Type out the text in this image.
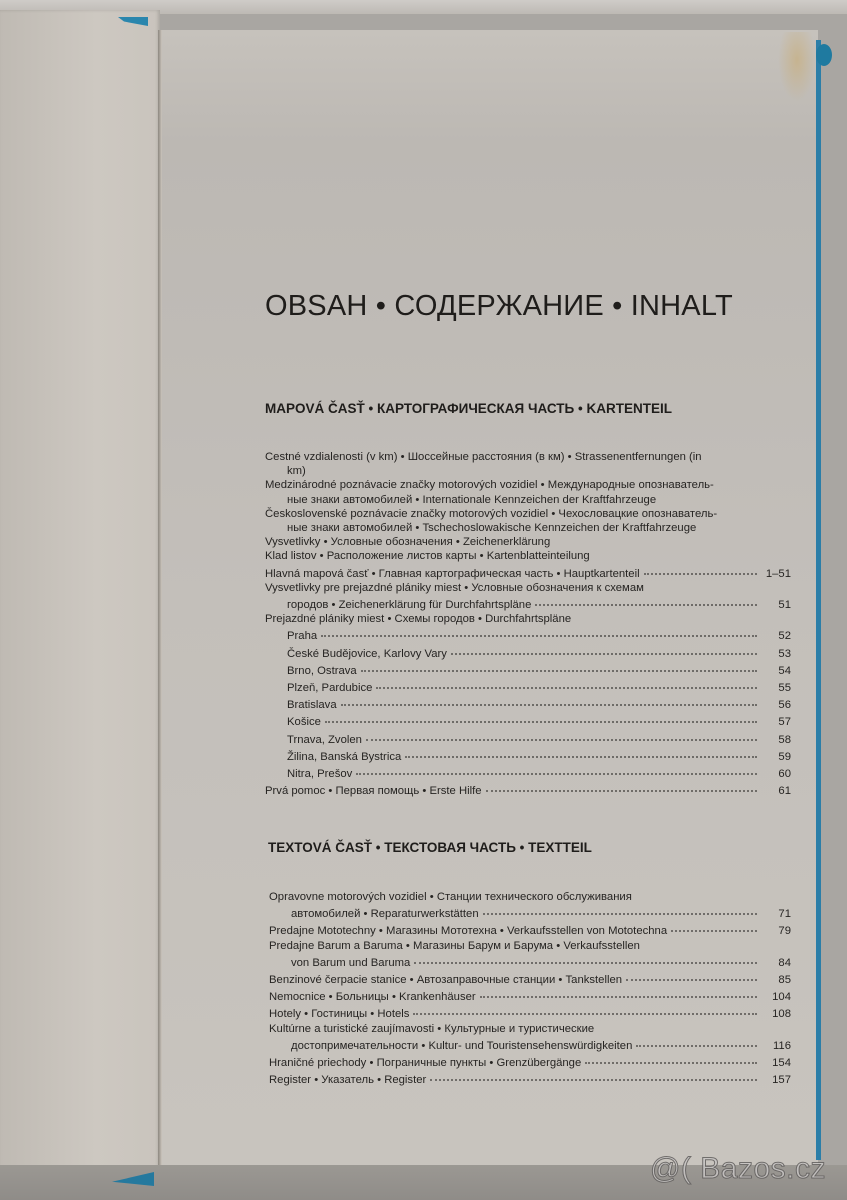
OBSAH • СОДЕРЖАНИЕ • INHALT
MAPOVÁ ČASŤ • КАРТОГРАФИЧЕСКАЯ ЧАСТЬ • KARTENTEIL
Cestné vzdialenosti (v km) • Шоссейные расстояния (в км) • Strassenentfernungen (in
km)
Medzinárodné poznávacie značky motorových vozidiel • Международные опознаватель-
ные знаки автомобилей • Internationale Kennzeichen der Kraftfahrzeuge
Československé poznávacie značky motorových vozidiel • Чехословацкие опознаватель-
ные знаки автомобилей • Tschechoslowakische Kennzeichen der Kraftfahrzeuge
Vysvetlivky • Условные обозначения • Zeichenerklärung
Klad listov • Расположение листов карты • Kartenblatteinteilung
Hlavná mapová časť • Главная картографическая часть • Hauptkartenteil	1–51
Vysvetlivky pre prejazdné plániky miest • Условные обозначения к схемам
городов • Zeichenerklärung für Durchfahrtspläne	51
Prejazdné plániky miest • Схемы городов • Durchfahrtspläne
Praha	52
České Budějovice, Karlovy Vary	53
Brno, Ostrava	54
Plzeň, Pardubice	55
Bratislava	56
Košice	57
Trnava, Zvolen	58
Žilina, Banská Bystrica	59
Nitra, Prešov	60
Prvá pomoc • Первая помощь • Erste Hilfe	61
TEXTOVÁ ČASŤ • ТЕКСТОВАЯ ЧАСТЬ • TEXTTEIL
Opravovne motorových vozidiel • Станции технического обслуживания
автомобилей • Reparaturwerkstätten	71
Predajne Mototechny • Магазины Мототехна • Verkaufsstellen von Mototechna	79
Predajne Barum a Baruma • Магазины Барум и Баpума • Verkaufsstellen
von Barum und Baruma	84
Benzinové čerpacie stanice • Автозаправочные станции • Tankstellen	85
Nemocnice • Больницы • Krankenhäuser	104
Hotely • Гостиницы • Hotels	108
Kultúrne a turistické zaujímavosti • Культурные и туристические
достопримечательности • Kultur- und Touristensehenswürdigkeiten	116
Hraničné priechody • Пограничные пункты • Grenzübergänge	154
Register • Указатель • Register	157
@( Bazos.cz
